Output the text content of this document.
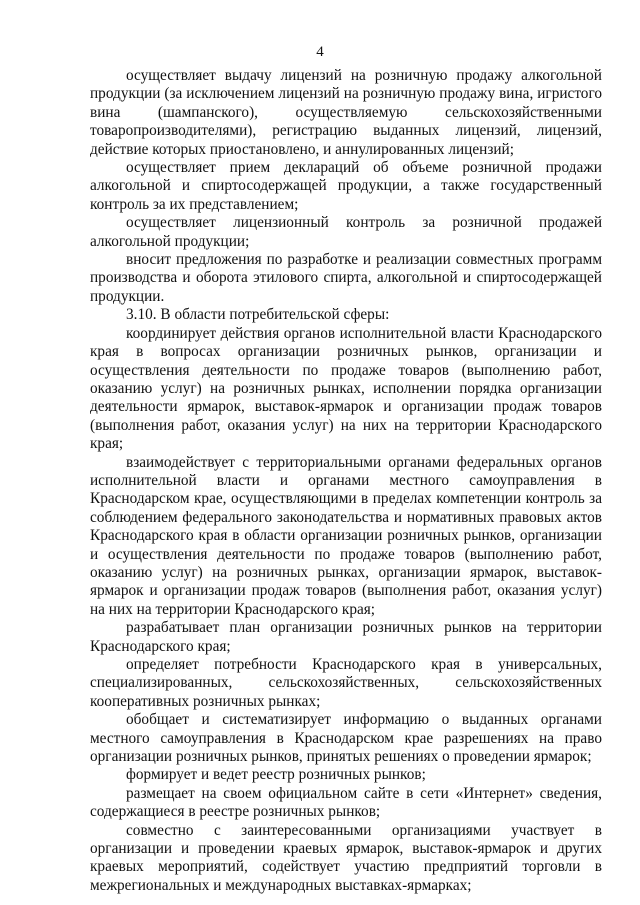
4

осуществляет выдачу лицензий на розничную продажу алкогольной продукции (за исключением лицензий на розничную продажу вина, игристого вина (шампанского), осуществляемую сельскохозяйственными товаропроизводителями), регистрацию выданных лицензий, лицензий, действие которых приостановлено, и аннулированных лицензий;

осуществляет прием деклараций об объеме розничной продажи алкогольной и спиртосодержащей продукции, а также государственный контроль за их представлением;

осуществляет лицензионный контроль за розничной продажей алкогольной продукции;

вносит предложения по разработке и реализации совместных программ производства и оборота этилового спирта, алкогольной и спиртосодержащей продукции.

3.10. В области потребительской сферы:

координирует действия органов исполнительной власти Краснодарского края в вопросах организации розничных рынков, организации и осуществления деятельности по продаже товаров (выполнению работ, оказанию услуг) на розничных рынках, исполнении порядка организации деятельности ярмарок, выставок-ярмарок и организации продаж товаров (выполнения работ, оказания услуг) на них на территории Краснодарского края;

взаимодействует с территориальными органами федеральных органов исполнительной власти и органами местного самоуправления в Краснодарском крае, осуществляющими в пределах компетенции контроль за соблюдением федерального законодательства и нормативных правовых актов Краснодарского края в области организации розничных рынков, организации и осуществления деятельности по продаже товаров (выполнению работ, оказанию услуг) на розничных рынках, организации ярмарок, выставок-ярмарок и организации продаж товаров (выполнения работ, оказания услуг) на них на территории Краснодарского края;

разрабатывает план организации розничных рынков на территории Краснодарского края;

определяет потребности Краснодарского края в универсальных, специализированных, сельскохозяйственных, сельскохозяйственных кооперативных розничных рынках;

обобщает и систематизирует информацию о выданных органами местного самоуправления в Краснодарском крае разрешениях на право организации розничных рынков, принятых решениях о проведении ярмарок;

формирует и ведет реестр розничных рынков;

размещает на своем официальном сайте в сети «Интернет» сведения, содержащиеся в реестре розничных рынков;

совместно с заинтересованными организациями участвует в организации и проведении краевых ярмарок, выставок-ярмарок и других краевых мероприятий, содействует участию предприятий торговли в межрегиональных и международных выставках-ярмарках;
